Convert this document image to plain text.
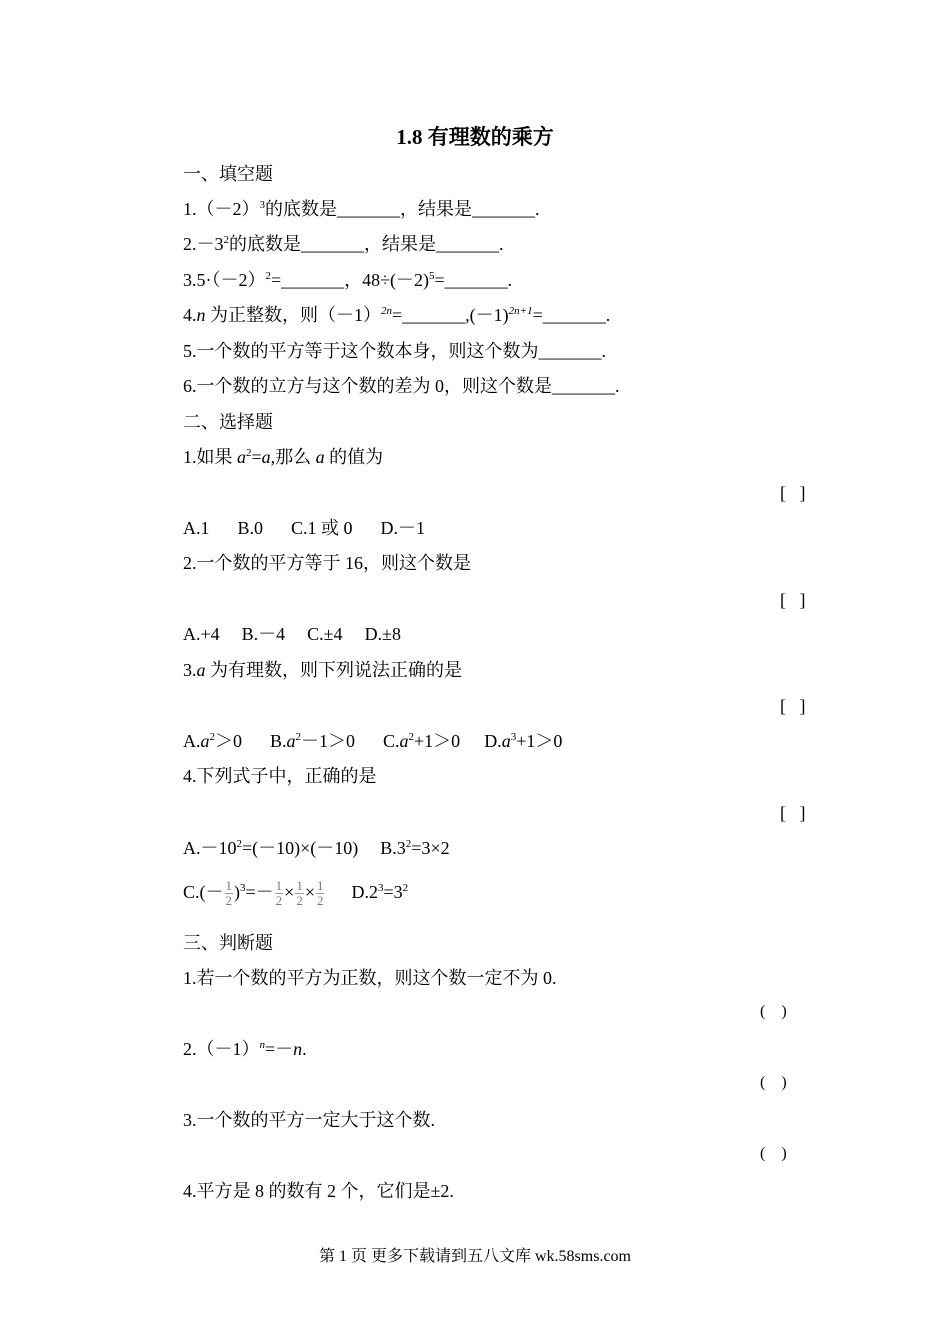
1.8 有理数的乘方
一、填空题
$1.(-2)^3$的底数是_______，结果是_______.
$2.-3^2$的底数是_______，结果是_______.
$3.5\cdot(-2)^2=\_\_\_\_\_\_\_$，$48\div(-2)^5=\_\_\_\_\_\_\_$.
4.n 为正整数，则$(-1)^{2n}=\_\_\_\_\_\_\_,(-1)^{2n+1}=\_\_\_\_\_\_\_$.
5.一个数的平方等于这个数本身，则这个数为_______.
6.一个数的立方与这个数的差为 0，则这个数是_______.
二、选择题
1.如果 $a^2=a$,那么 a 的值为
[   ]
A.1 B.0 C.1 或 0 D.－1
2.一个数的平方等于 16，则这个数是
[   ]
A.+4 B.－4 C.±4 D.±8
3.a 为有理数，则下列说法正确的是
[   ]
$A.a^2>0$ $B.a^2-1>0$ $C.a^2+1>0$ $D.a^3+1>0$
4.下列式子中，正确的是
[   ]
$A.-10^2=(-10)\times(-10)$ $B.3^2=3\times 2$
$C.(- \frac{1}{2} )^3=- \frac{1}{2} \times \frac{1}{2} \times \frac{1}{2} D.2^3=3^2$
三、判断题
1.若一个数的平方为正数，则这个数一定不为 0.
(    )
$2.(-1)^n=-n$.
(    )
3.一个数的平方一定大于这个数.
(    )
4.平方是 8 的数有 2 个，它们是±2.
第 1 页 更多下载请到五八文库 wk.58sms.com
